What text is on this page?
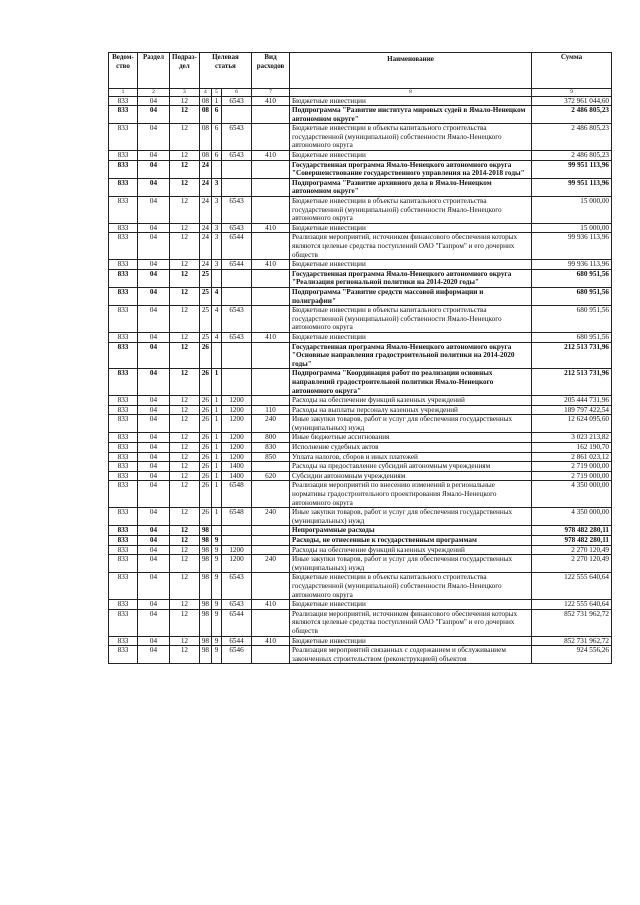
Ведом-ство	Раздел	Подраз-дел	Целевая статья			Вид расходов	Наименование	Сумма
1	2	3	4	5	6	7	8	9
833	04	12	08	1	6543	410	Бюджетные инвестиции	372 961 044,60
833	04	12	08	6			Подпрограмма "Развитие института мировых судей в Ямало-Ненецком автономном округе"	2 486 805,23
833	04	12	08	6	6543		Бюджетные инвестиции в объекты капитального строительства государственной (муниципальной) собственности Ямало-Ненецкого автономного округа	2 486 805,23
833	04	12	08	6	6543	410	Бюджетные инвестиции	2 486 805,23
833	04	12	24				Государственная программа Ямало-Ненецкого автономного округа "Совершенствование государственного управления на 2014-2018 годы"	99 951 113,96
833	04	12	24	3			Подпрограмма "Развитие архивного дела в Ямало-Ненецком автономном округе"	99 951 113,96
833	04	12	24	3	6543		Бюджетные инвестиции в объекты капитального строительства государственной (муниципальной) собственности Ямало-Ненецкого автономного округа	15 000,00
833	04	12	24	3	6543	410	Бюджетные инвестиции	15 000,00
833	04	12	24	3	6544		Реализация мероприятий, источником финансового обеспечения которых являются целевые средства поступлений ОАО "Газпром" и его дочерних обществ	99 936 113,96
833	04	12	24	3	6544	410	Бюджетные инвестиции	99 936 113,96
833	04	12	25				Государственная программа Ямало-Ненецкого автономного округа "Реализация региональной политики на 2014-2020 годы"	680 951,56
833	04	12	25	4			Подпрограмма "Развитие средств массовой информации и полиграфии"	680 951,56
833	04	12	25	4	6543		Бюджетные инвестиции в объекты капитального строительства государственной (муниципальной) собственности Ямало-Ненецкого автономного округа	680 951,56
833	04	12	25	4	6543	410	Бюджетные инвестиции	680 951,56
833	04	12	26				Государственная программа Ямало-Ненецкого автономного округа "Основные направления градостроительной политики на 2014-2020 годы"	212 513 731,96
833	04	12	26	1			Подпрограмма "Координация работ по реализации основных направлений градостроительной политики Ямало-Ненецкого автономного округа"	212 513 731,96
833	04	12	26	1	1200		Расходы на обеспечение функций казенных учреждений	205 444 731,96
833	04	12	26	1	1200	110	Расходы на выплаты персоналу казенных учреждений	189 797 422,54
833	04	12	26	1	1200	240	Иные закупки товаров, работ и услуг для обеспечения государственных (муниципальных) нужд	12 624 095,60
833	04	12	26	1	1200	800	Иные бюджетные ассигнования	3 023 213,82
833	04	12	26	1	1200	830	Исполнение судебных актов	162 190,70
833	04	12	26	1	1200	850	Уплата налогов, сборов и иных платежей	2 861 023,12
833	04	12	26	1	1400		Расходы на предоставление субсидий автономным учреждениям	2 719 000,00
833	04	12	26	1	1400	620	Субсидии автономным учреждениям	2 719 000,00
833	04	12	26	1	6548		Реализация мероприятий по внесению изменений в региональные нормативы градостроительного проектирования Ямало-Ненецкого автономного округа	4 350 000,00
833	04	12	26	1	6548	240	Иные закупки товаров, работ и услуг для обеспечения государственных (муниципальных) нужд	4 350 000,00
833	04	12	98				Непрограммные расходы	978 482 280,11
833	04	12	98	9			Расходы, не отнесенные к государственным программам	978 482 280,11
833	04	12	98	9	1200		Расходы на обеспечение функций казенных учреждений	2 270 120,49
833	04	12	98	9	1200	240	Иные закупки товаров, работ и услуг для обеспечения государственных (муниципальных) нужд	2 270 120,49
833	04	12	98	9	6543		Бюджетные инвестиции в объекты капитального строительства государственной (муниципальной) собственности Ямало-Ненецкого автономного округа	122 555 640,64
833	04	12	98	9	6543	410	Бюджетные инвестиции	122 555 640,64
833	04	12	98	9	6544		Реализация мероприятий, источником финансового обеспечения которых являются целевые средства поступлений ОАО "Газпром" и его дочерних обществ	852 731 962,72
833	04	12	98	9	6544	410	Бюджетные инвестиции	852 731 962,72
833	04	12	98	9	6546		Реализация мероприятий связанных с содержанием и обслуживанием законченных строительством (реконструкцией) объектов	924 556,26
